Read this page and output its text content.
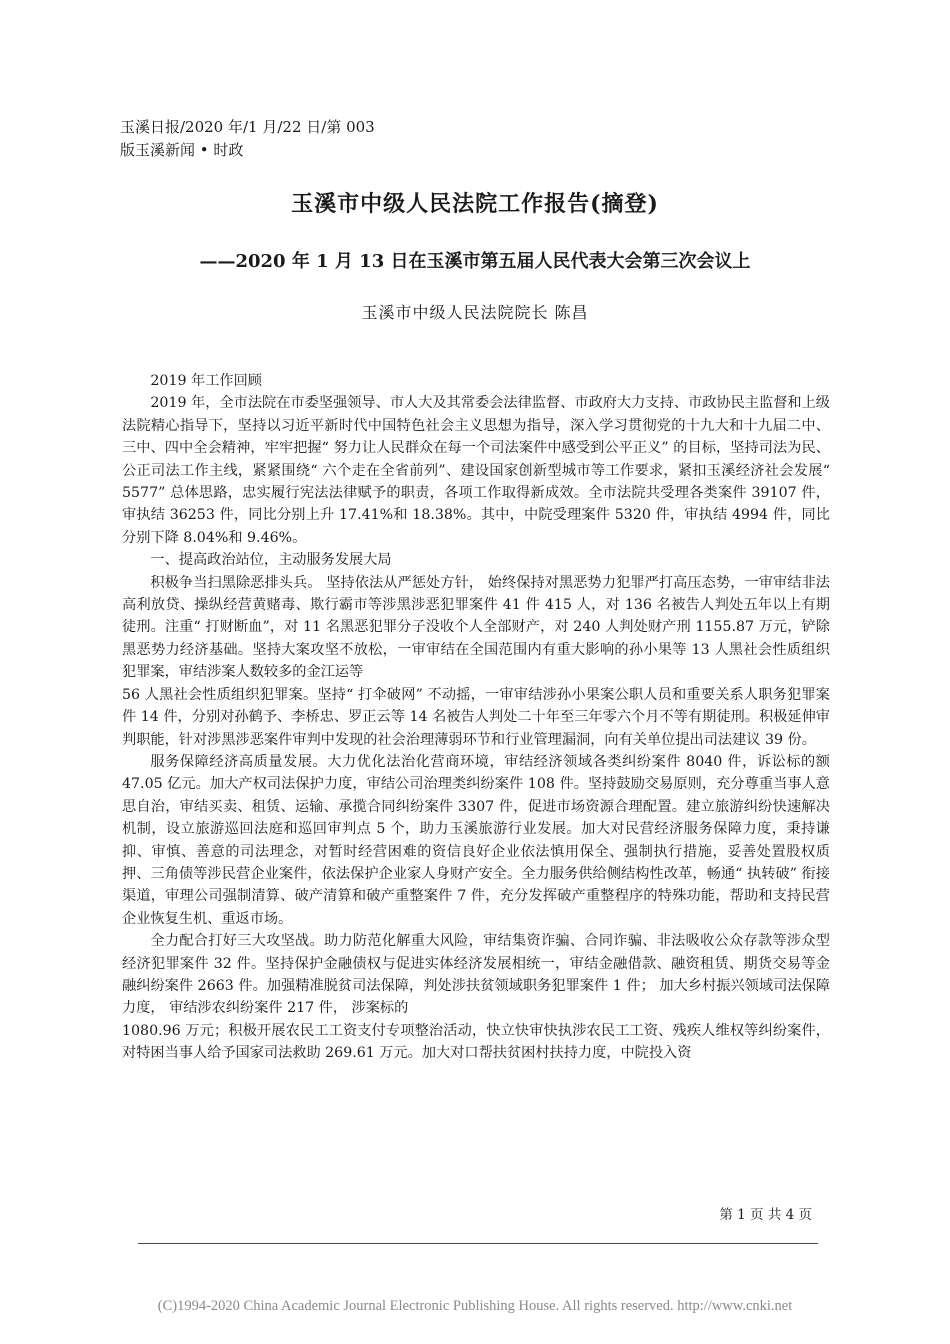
玉溪日报/2020 年/1 月/22 日/第 003
版玉溪新闻 • 时政
玉溪市中级人民法院工作报告(摘登)
——2020 年 1 月 13 日在玉溪市第五届人民代表大会第三次会议上
玉溪市中级人民法院院长 陈昌

2019 年工作回顾

2019 年，全市法院在市委坚强领导、市人大及其常委会法律监督、市政府大力支持、市政协民主监督和上级法院精心指导下，坚持以习近平新时代中国特色社会主义思想为指导，深入学习贯彻党的十九大和十九届二中、三中、四中全会精神，牢牢把握“ 努力让人民群众在每一个司法案件中感受到公平正义” 的目标，坚持司法为民、公正司法工作主线，紧紧围绕“ 六个走在全省前列”、建设国家创新型城市等工作要求，紧扣玉溪经济社会发展“ 5577” 总体思路，忠实履行宪法法律赋予的职责，各项工作取得新成效。全市法院共受理各类案件 39107 件，审执结 36253 件，同比分别上升 17.41%和 18.38%。其中，中院受理案件 5320 件，审执结 4994 件，同比分别下降 8.04%和 9.46%。

一、提高政治站位，主动服务发展大局

积极争当扫黑除恶排头兵。 坚持依法从严惩处方针， 始终保持对黑恶势力犯罪严打高压态势，一审审结非法高利放贷、操纵经营黄赌毒、欺行霸市等涉黑涉恶犯罪案件 41 件 415 人，对 136 名被告人判处五年以上有期徒刑。注重“ 打财断血”，对 11 名黑恶犯罪分子没收个人全部财产，对 240 人判处财产刑 1155.87 万元，铲除黑恶势力经济基础。坚持大案攻坚不放松，一审审结在全国范围内有重大影响的孙小果等 13 人黑社会性质组织犯罪案，审结涉案人数较多的金江运等

56 人黑社会性质组织犯罪案。坚持“ 打伞破网” 不动摇，一审审结涉孙小果案公职人员和重要关系人职务犯罪案件 14 件，分别对孙鹤予、李桥忠、罗正云等 14 名被告人判处二十年至三年零六个月不等有期徒刑。积极延伸审判职能，针对涉黑涉恶案件审判中发现的社会治理薄弱环节和行业管理漏洞，向有关单位提出司法建议 39 份。

服务保障经济高质量发展。大力优化法治化营商环境，审结经济领域各类纠纷案件 8040 件，诉讼标的额 47.05 亿元。加大产权司法保护力度，审结公司治理类纠纷案件 108 件。坚持鼓励交易原则，充分尊重当事人意思自治，审结买卖、租赁、运输、承揽合同纠纷案件 3307 件，促进市场资源合理配置。建立旅游纠纷快速解决机制，设立旅游巡回法庭和巡回审判点 5 个，助力玉溪旅游行业发展。加大对民营经济服务保障力度，秉持谦抑、审慎、善意的司法理念，对暂时经营困难的资信良好企业依法慎用保全、强制执行措施，妥善处置股权质押、三角债等涉民营企业案件，依法保护企业家人身财产安全。全力服务供给侧结构性改革，畅通“ 执转破” 衔接渠道，审理公司强制清算、破产清算和破产重整案件 7 件，充分发挥破产重整程序的特殊功能，帮助和支持民营企业恢复生机、重返市场。

全力配合打好三大攻坚战。助力防范化解重大风险，审结集资诈骗、合同诈骗、非法吸收公众存款等涉众型经济犯罪案件 32 件。坚持保护金融债权与促进实体经济发展相统一，审结金融借款、融资租赁、期货交易等金融纠纷案件 2663 件。加强精准脱贫司法保障，判处涉扶贫领域职务犯罪案件 1 件； 加大乡村振兴领域司法保障力度， 审结涉农纠纷案件 217 件， 涉案标的

1080.96 万元；积极开展农民工工资支付专项整治活动，快立快审快执涉农民工工资、残疾人维权等纠纷案件，对特困当事人给予国家司法救助 269.61 万元。加大对口帮扶贫困村扶持力度，中院投入资

第 1 页 共 4 页
(C)1994-2020 China Academic Journal Electronic Publishing House. All rights reserved. http://www.cnki.net
